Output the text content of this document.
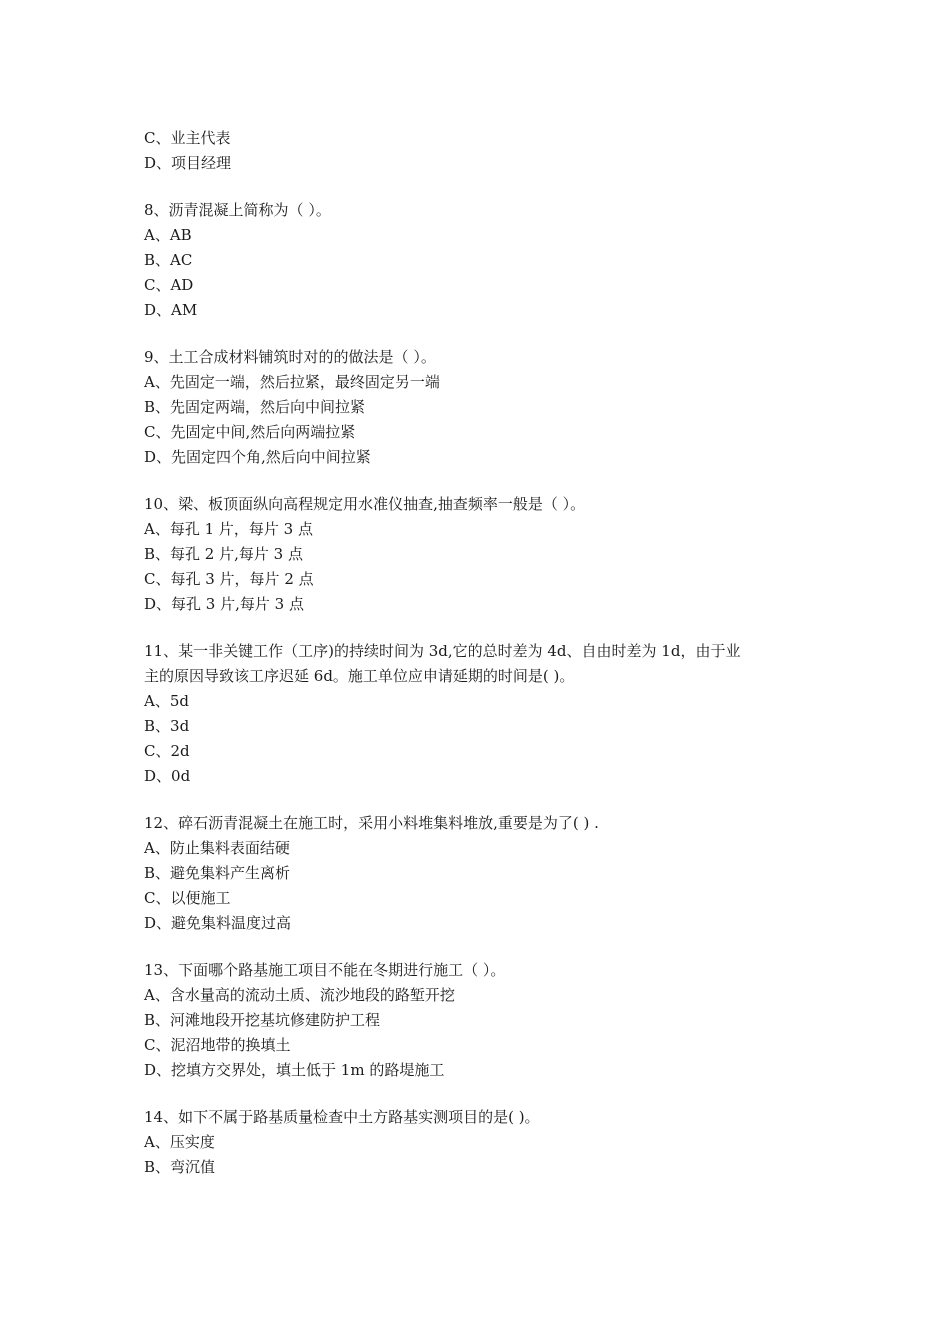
C、业主代表
D、项目经理
8、沥青混凝上简称为（ ）。
A、AB
B、AC
C、AD
D、AM
9、土工合成材料铺筑时对的的做法是（ ）。
A、先固定一端，然后拉紧，最终固定另一端
B、先固定两端，然后向中间拉紧
C、先固定中间,然后向两端拉紧
D、先固定四个角,然后向中间拉紧
10、梁、板顶面纵向高程规定用水准仪抽查,抽查频率一般是（ ）。
A、每孔 1 片，每片 3 点
B、每孔 2 片,每片 3 点
C、每孔 3 片，每片 2 点
D、每孔 3 片,每片 3 点
11、某一非关键工作（工序)的持续时间为 3d,它的总时差为 4d、自由时差为 1d，由于业
主的原因导致该工序迟延 6d。施工单位应申请延期的时间是( )。
A、5d
B、3d
C、2d
D、0d
12、碎石沥青混凝土在施工时，采用小料堆集料堆放,重要是为了( ) .
A、防止集料表面结硬
B、避免集料产生离析
C、以便施工
D、避免集料温度过高
13、下面哪个路基施工项目不能在冬期进行施工（ ）。
A、含水量高的流动土质、流沙地段的路堑开挖
B、河滩地段开挖基坑修建防护工程
C、泥沼地带的换填土
D、挖填方交界处，填土低于 1m 的路堤施工
14、如下不属于路基质量检查中土方路基实测项目的是( )。
A、压实度
B、弯沉值
